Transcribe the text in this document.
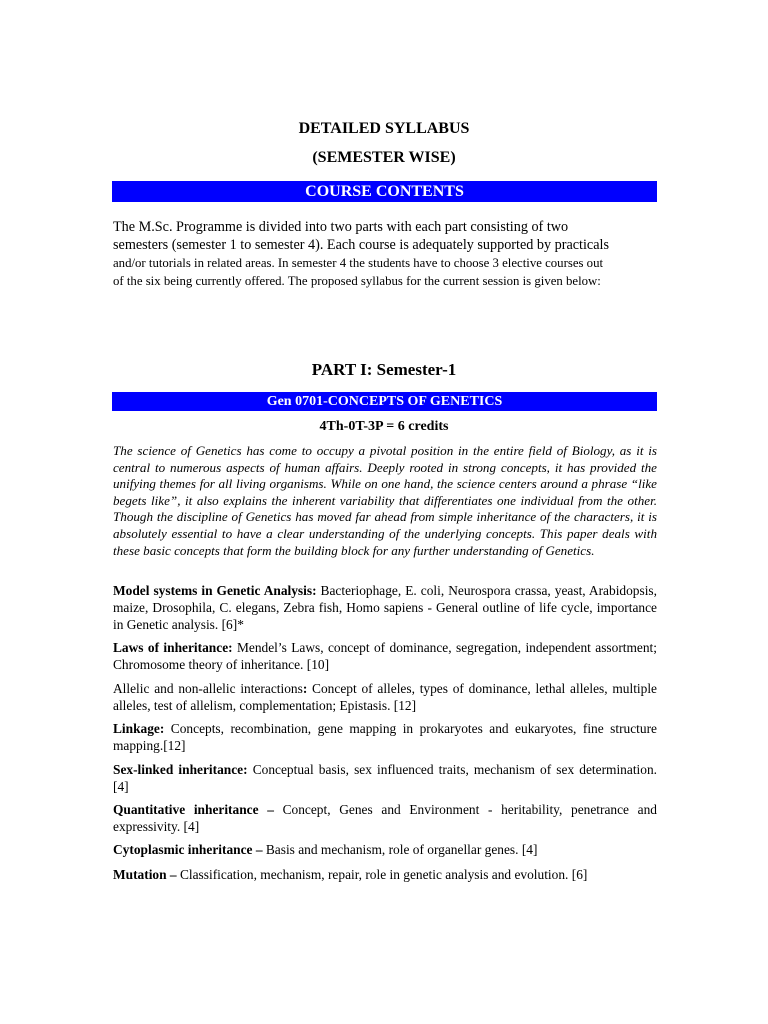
DETAILED SYLLABUS
(SEMESTER WISE)
COURSE CONTENTS
The M.Sc. Programme is divided into two parts with each part consisting of two
semesters (semester 1 to semester 4). Each course is adequately supported by practicals
and/or tutorials in related areas. In semester 4 the students have to choose 3 elective courses out
of the six being currently offered. The proposed syllabus for the current session is given below:
PART I: Semester-1
Gen 0701-CONCEPTS OF GENETICS
4Th-0T-3P = 6 credits
The science of Genetics has come to occupy a pivotal position in the entire field of Biology, as it is central to numerous aspects of human affairs. Deeply rooted in strong concepts, it has provided the unifying themes for all living organisms. While on one hand, the science centers around a phrase “like begets like”, it also explains the inherent variability that differentiates one individual from the other. Though the discipline of Genetics has moved far ahead from simple inheritance of the characters, it is absolutely essential to have a clear understanding of the underlying concepts. This paper deals with these basic concepts that form the building block for any further understanding of Genetics.
Model systems in Genetic Analysis: Bacteriophage, E. coli, Neurospora crassa, yeast, Arabidopsis, maize, Drosophila, C. elegans, Zebra fish, Homo sapiens - General outline of life cycle, importance in Genetic analysis. [6]*
Laws of inheritance: Mendel’s Laws, concept of dominance, segregation, independent assortment; Chromosome theory of inheritance. [10]
Allelic and non-allelic interactions: Concept of alleles, types of dominance, lethal alleles, multiple alleles, test of allelism, complementation; Epistasis. [12]
Linkage: Concepts, recombination, gene mapping in prokaryotes and eukaryotes, fine structure mapping.[12]
Sex-linked inheritance: Conceptual basis, sex influenced traits, mechanism of sex determination. [4]
Quantitative inheritance – Concept, Genes and Environment - heritability, penetrance and expressivity. [4]
Cytoplasmic inheritance – Basis and mechanism, role of organellar genes. [4]
Mutation – Classification, mechanism, repair, role in genetic analysis and evolution. [6]
